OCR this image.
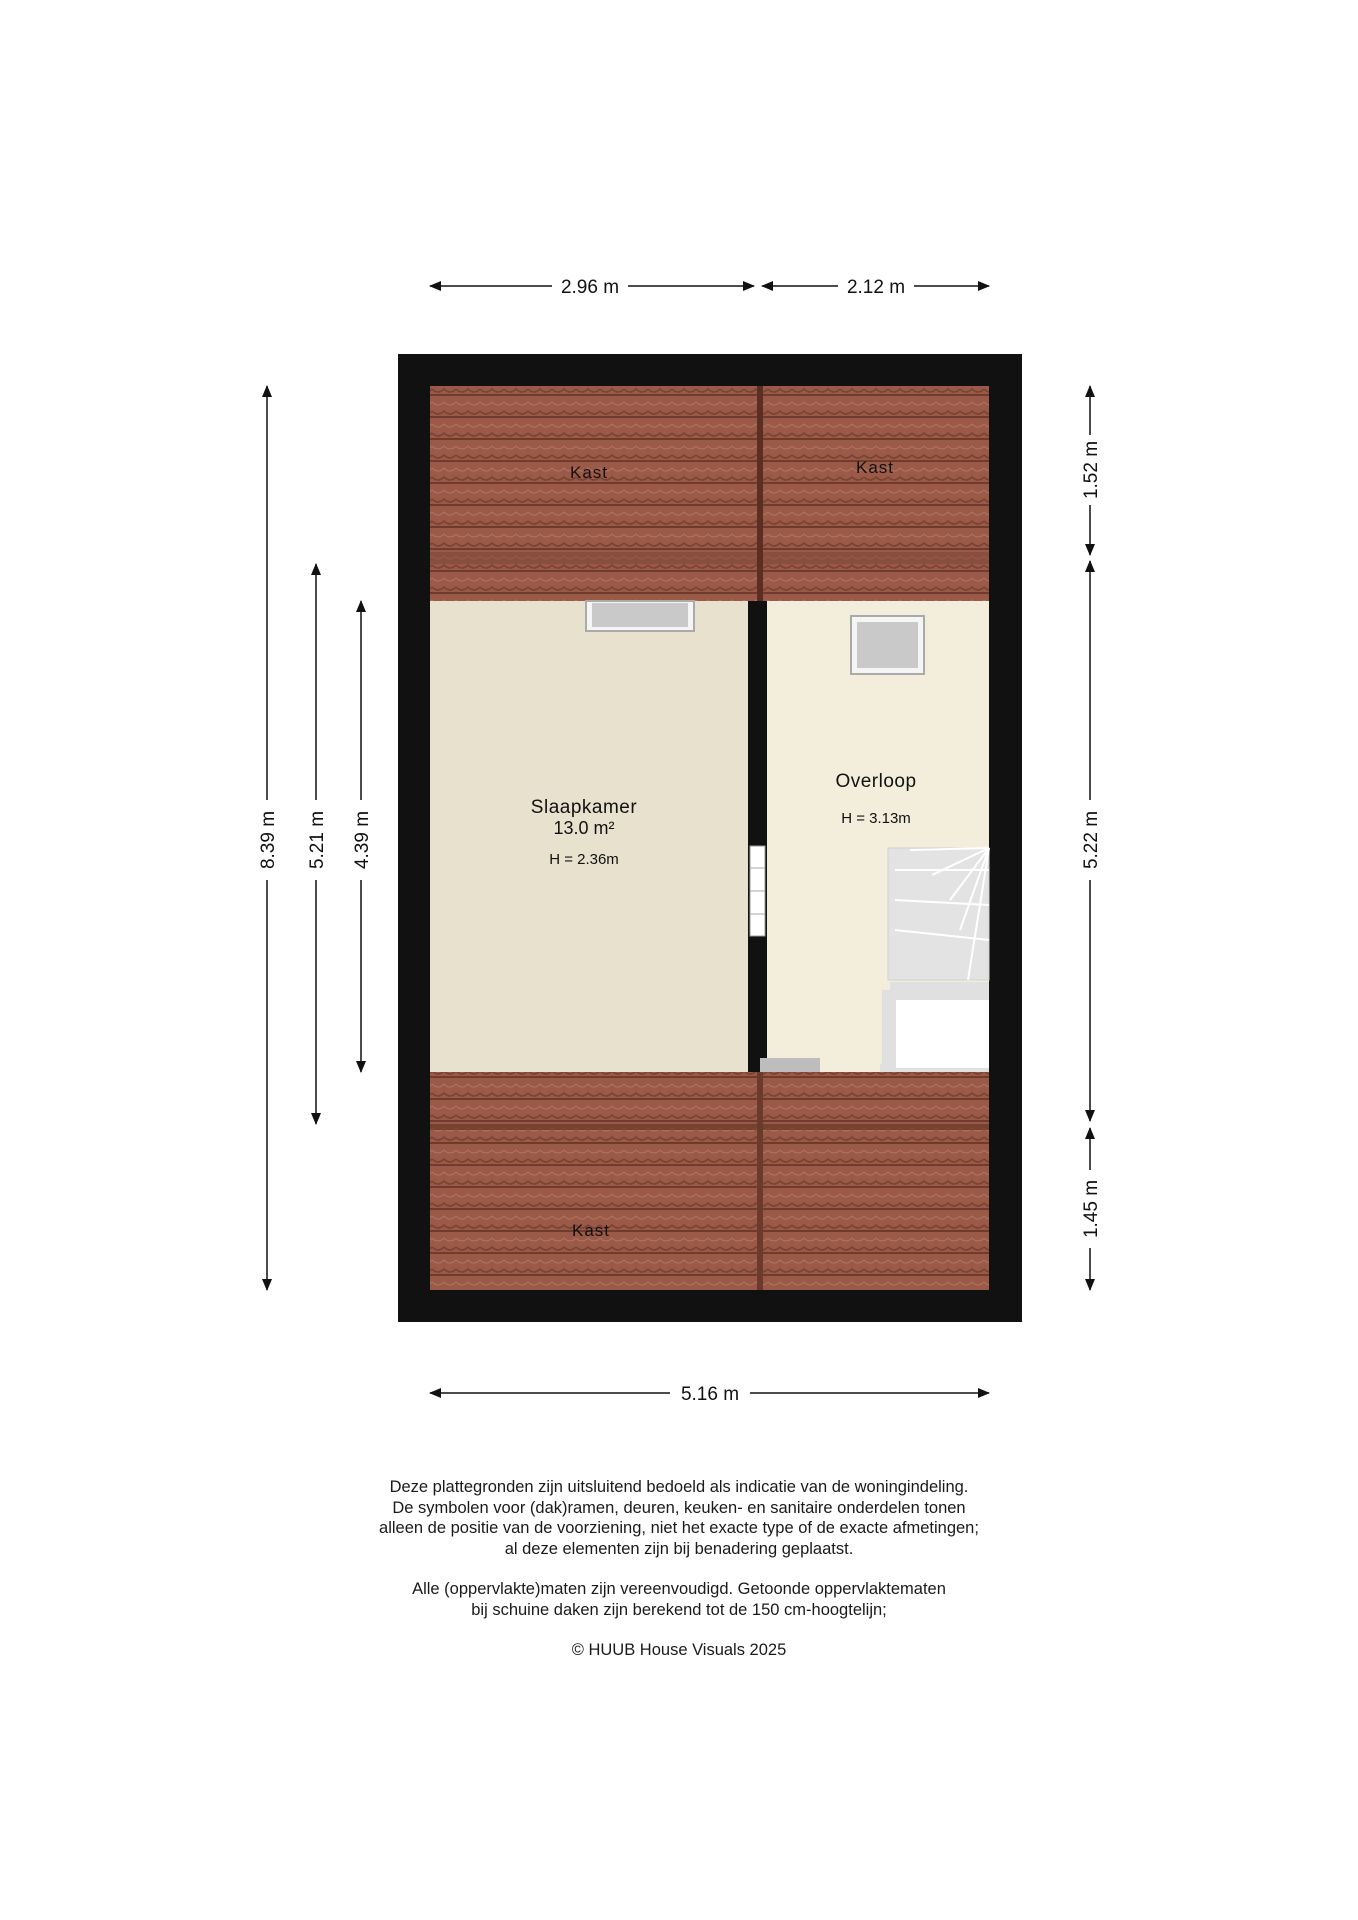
Kast	Kast
Slaapkamer
13.0 m²
H = 2.36m
Overloop
H = 3.13m
Kast
2.96 m	2.12 m
5.16 m
8.39 m 5.21 m 4.39 m
1.52 m
5.22 m
1.45 m
Deze plattegronden zijn uitsluitend bedoeld als indicatie van de woningindeling.
De symbolen voor (dak)ramen, deuren, keuken- en sanitaire onderdelen tonen
alleen de positie van de voorziening, niet het exacte type of de exacte afmetingen;
al deze elementen zijn bij benadering geplaatst.
Alle (oppervlakte)maten zijn vereenvoudigd. Getoonde oppervlaktematen
bij schuine daken zijn berekend tot de 150 cm-hoogtelijn;
© HUUB House Visuals 2025
